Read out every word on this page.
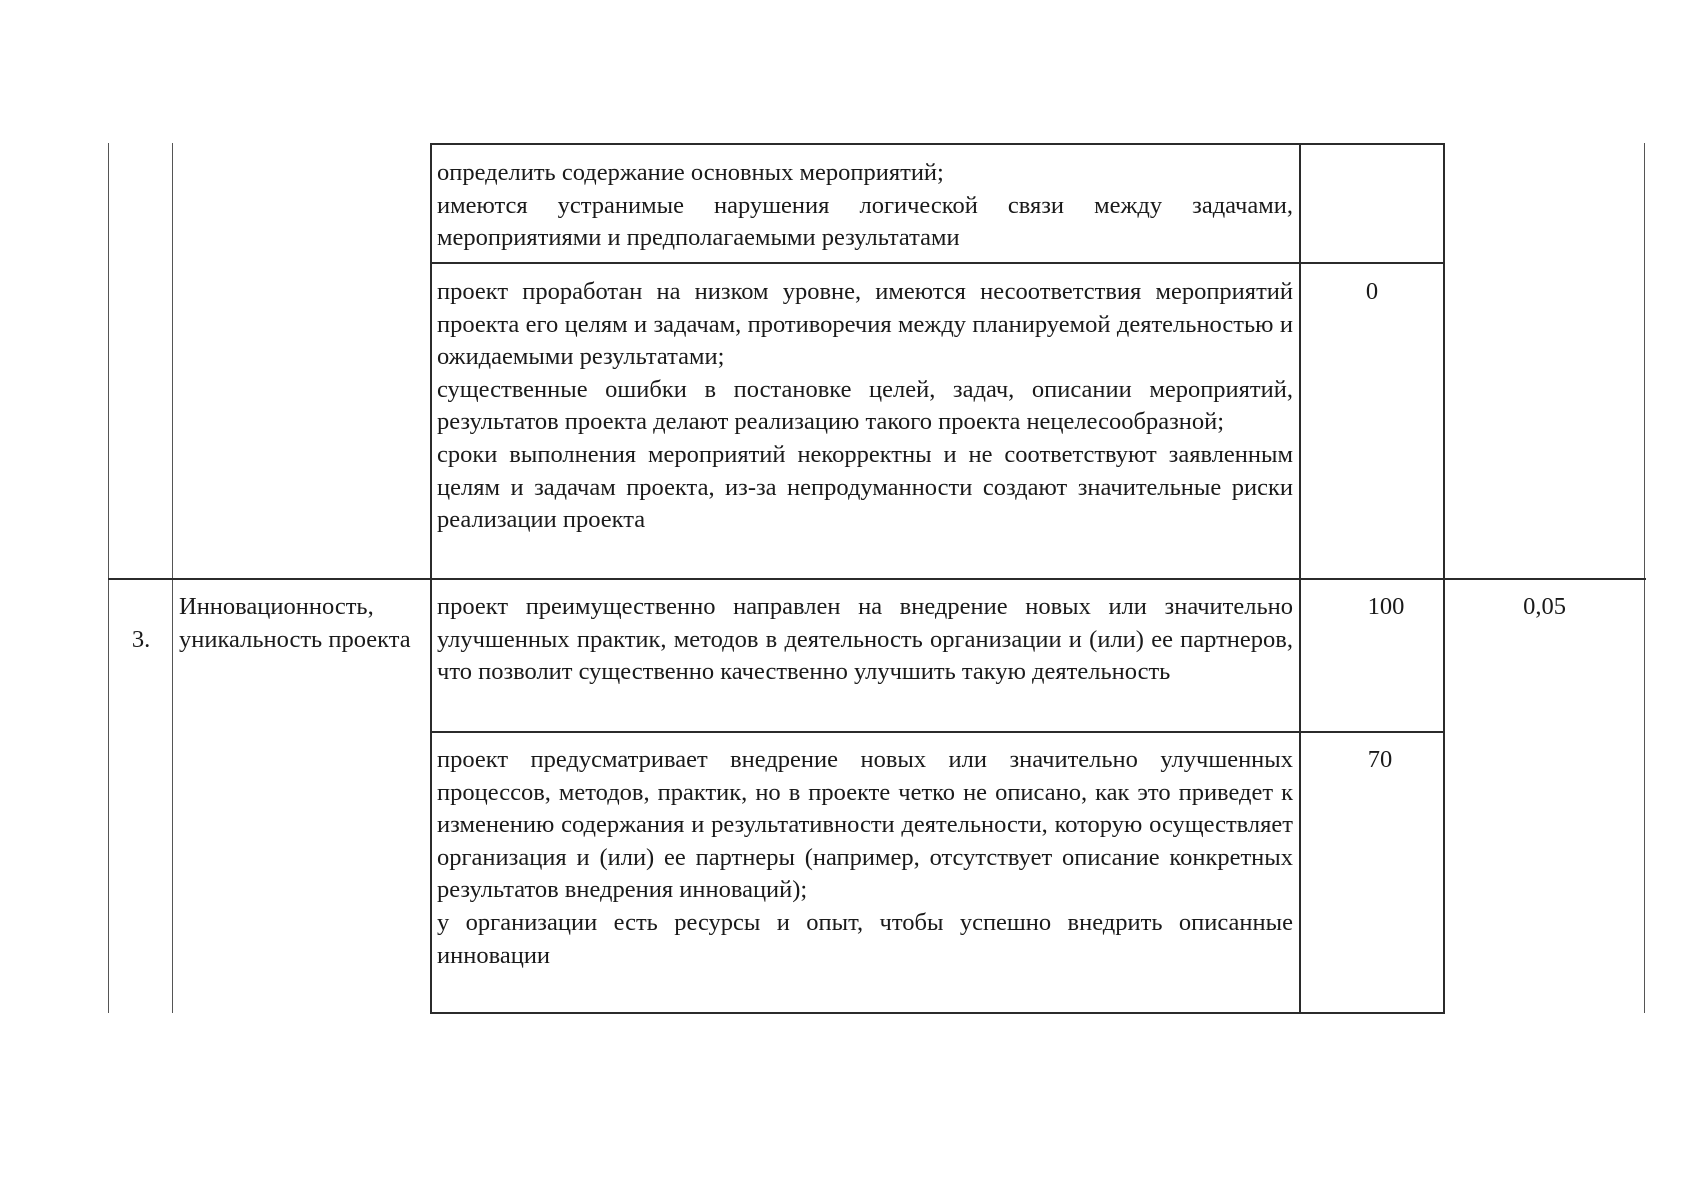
определить содержание основных мероприятий;

имеются устранимые нарушения логической связи между задачами, мероприятиями и предполагаемыми результатами

проект проработан на низком уровне, имеются несоответствия мероприятий проекта его целям и задачам, противоречия между планируемой деятельностью и ожидаемыми результатами;

существенные ошибки в постановке целей, задач, описании мероприятий, результатов проекта делают реализацию такого проекта нецелесообразной;

сроки выполнения мероприятий некорректны и не соответствуют заявленным целям и задачам проекта, из-за непродуманности создают значительные риски реализации проекта

0
3.
Инновационность, уникальность проекта
0,05

проект преимущественно направлен на внедрение новых или значительно улучшенных практик, методов в деятельность организации и (или) ее партнеров, что позволит существенно качественно улучшить такую деятельность

100

проект предусматривает внедрение новых или значительно улучшенных процессов, методов, практик, но в проекте четко не описано, как это приведет к изменению содержания и результативности деятельности, которую осуществляет организация и (или) ее партнеры (например, отсутствует описание конкретных результатов внедрения инноваций);

у организации есть ресурсы и опыт, чтобы успешно внедрить описанные инновации

70
